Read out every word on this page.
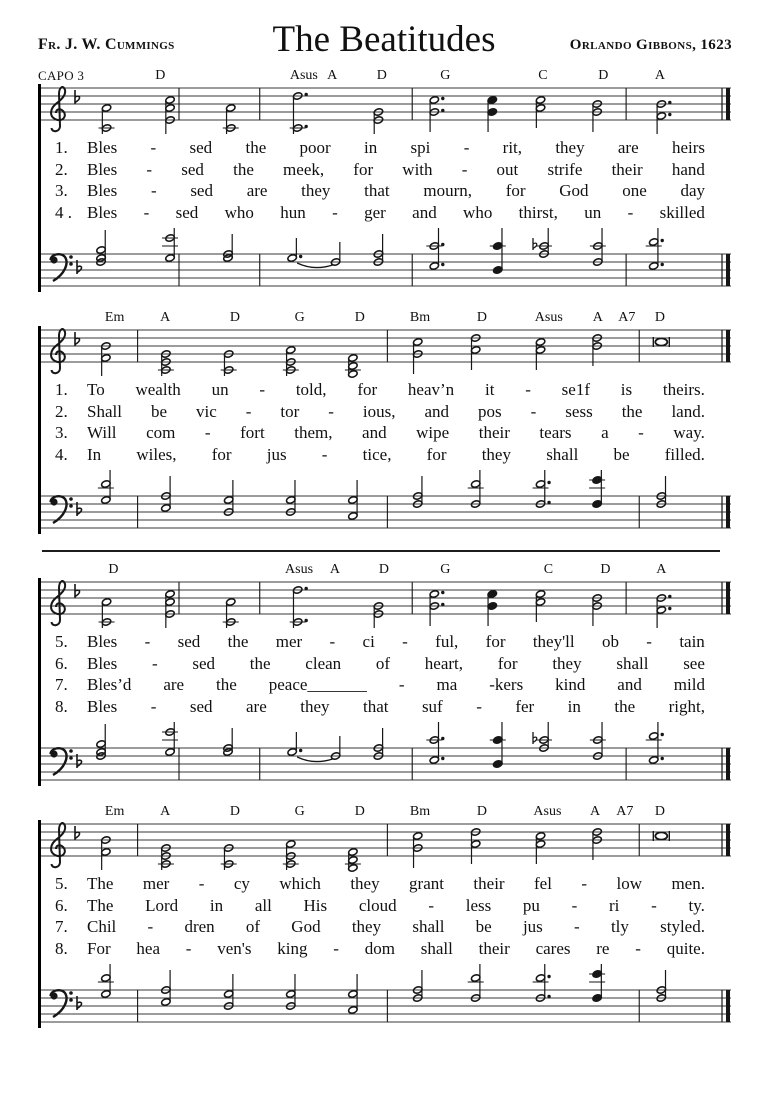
Fr. J. W. Cummings	The Beatitudes	Orlando Gibbons, 1623
CAPO 3	D	Asus A	D	G	C	D	A
1.	Bles - sed the poor in spi - rit, they are heirs
2.	Bles - sed the meek, for with - out strife their hand
3.	Bles - sed are they that mourn, for God one day
4 . Bles - sed who hun - ger and who thirst, un - skilled
Em	A	D	G	D	Bm	D	Asus A A7 D
1.	To wealth un - told, for heav’n it - se1f is theirs.
2.	Shall be vic - tor - ious, and pos - sess the land.
3.	Will com - fort them, and wipe their tears a - way.
4.	In wiles, for jus - tice, for they shall be filled.
D	Asus A	D	G	C	D	A
5.	Bles - sed the mer - ci - ful, for they'll ob - tain
6.	Bles - sed the clean of heart, for they shall see
7.	Bles’d are the peace_______ - ma -kers kind and mild
8.	Bles - sed are they that suf - fer in the right,
Em	A	D	G	D	Bm	D	Asus A A7 D
5.	The mer - cy which they grant their fel - low men.
6.	The Lord in all His cloud - less pu - ri - ty.
7.	Chil - dren of God they shall be jus - tly styled.
8.	For hea - ven's king - dom shall their cares re - quite.
